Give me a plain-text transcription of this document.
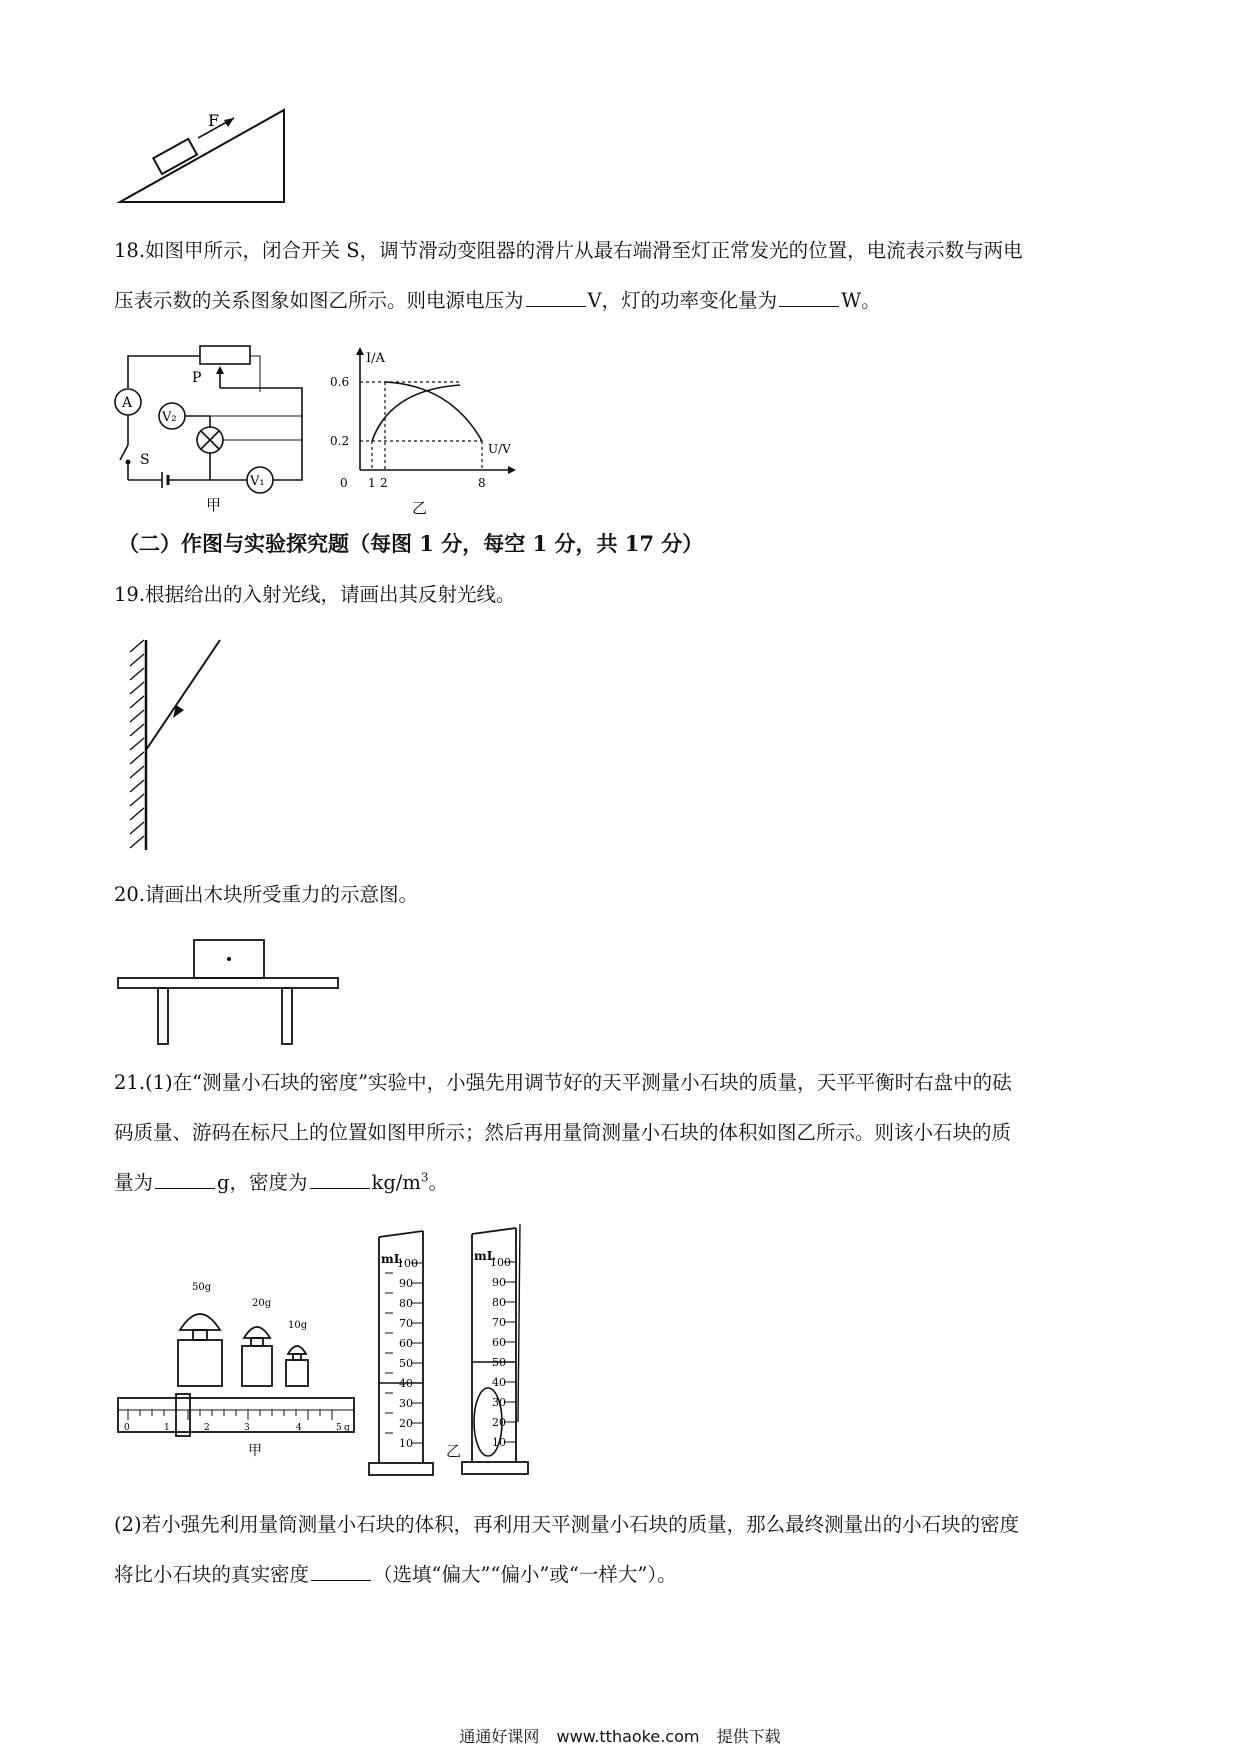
F
18.如图甲所示，闭合开关 S，调节滑动变阻器的滑片从最右端滑至灯正常发光的位置，电流表示数与两电
压表示数的关系图象如图乙所示。则电源电压为	V，灯的功率变化量为	W。
A
S
P
V₁
V₂
甲
I/A
U/V
0.6
0.2
0 1 2	8
乙
（二）作图与实验探究题（每图 1 分，每空 1 分，共 17 分）
19.根据给出的入射光线，请画出其反射光线。
20.请画出木块所受重力的示意图。
21.(1)在“测量小石块的密度”实验中，小强先用调节好的天平测量小石块的质量，天平平衡时右盘中的砝
码质量、游码在标尺上的位置如图甲所示；然后再用量筒测量小石块的体积如图乙所示。则该小石块的质
量为	g，密度为	$kg/m^3$。
50g
20g
10g
0	1	2	3	4	5 g
甲
mL
100
90
80
70
60
50
40
30
20
10 乙
mL
100
90
80
70
60
50
40
30
20
10
(2)若小强先利用量筒测量小石块的体积，再利用天平测量小石块的质量，那么最终测量出的小石块的密度
将比小石块的真实密度	（选填“偏大”“偏小”或“一样大”）。
通通好课网 www.tthaoke.com 提供下载
